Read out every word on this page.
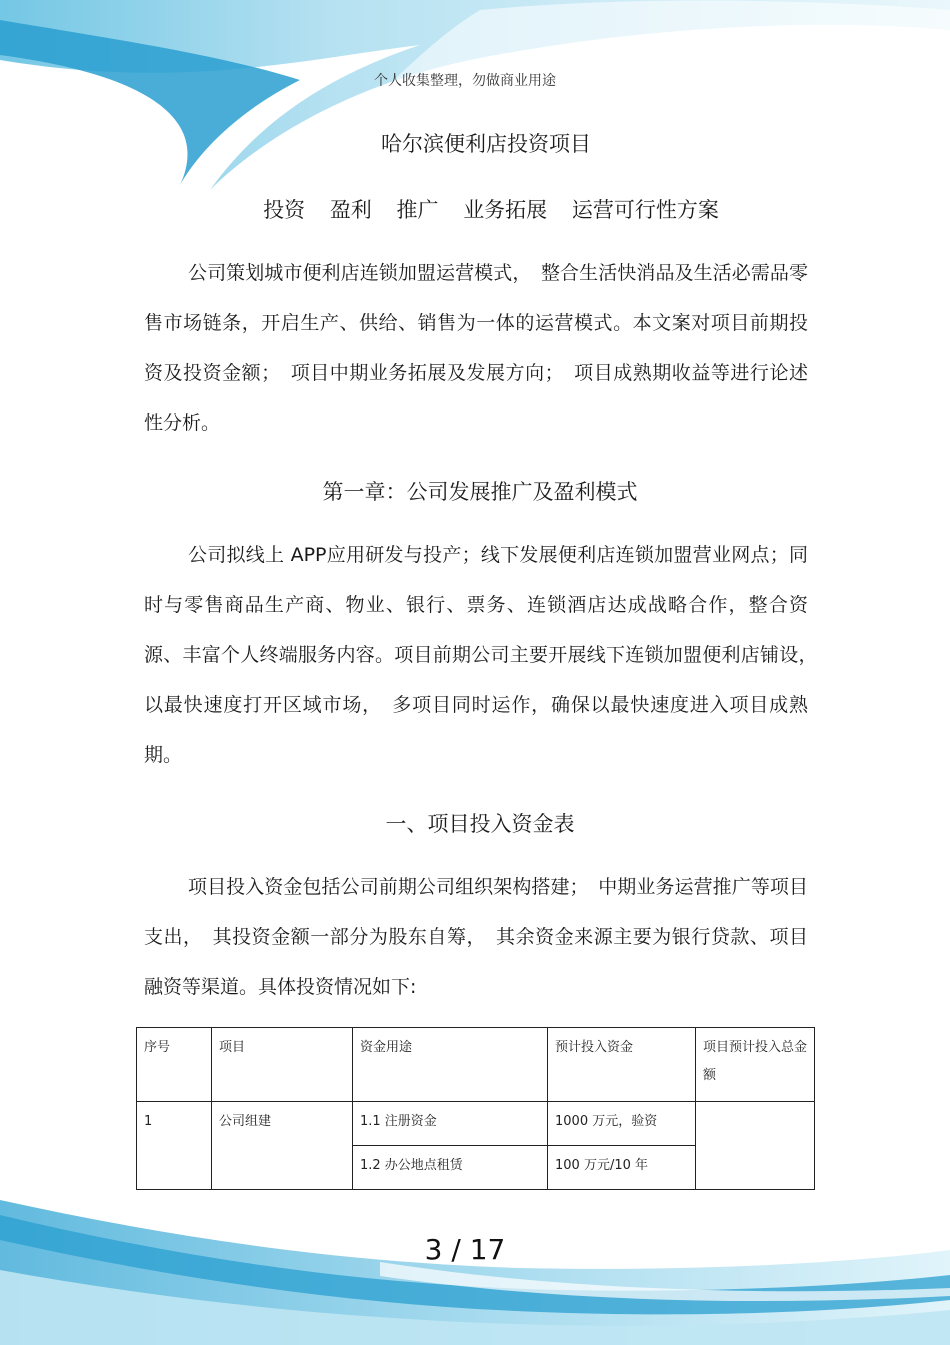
个人收集整理，勿做商业用途
哈尔滨便利店投资项目
投资 盈利 推广 业务拓展 运营可行性方案
公司策划城市便利店连锁加盟运营模式，　整合生活快消品及生活必需品零售市场链条，开启生产、供给、销售为一体的运营模式。本文案对项目前期投资及投资金额；　项目中期业务拓展及发展方向；　项目成熟期收益等进行论述性分析。
第一章：公司发展推广及盈利模式
公司拟线上 APP应用研发与投产；线下发展便利店连锁加盟营业网点；同时与零售商品生产商、物业、银行、票务、连锁酒店达成战略合作，整合资源、丰富个人终端服务内容。项目前期公司主要开展线下连锁加盟便利店铺设，　以最快速度打开区域市场，　多项目同时运作，确保以最快速度进入项目成熟期。
一、项目投入资金表
项目投入资金包括公司前期公司组织架构搭建；　中期业务运营推广等项目支出，　其投资金额一部分为股东自筹，　其余资金来源主要为银行贷款、项目融资等渠道。具体投资情况如下:
序号	项目	资金用途	预计投入资金	项目预计投入总金额
1	公司组建	1.1 注册资金	1000 万元，验资	
		1.2 办公地点租赁	100 万元/10 年	
3 / 17
